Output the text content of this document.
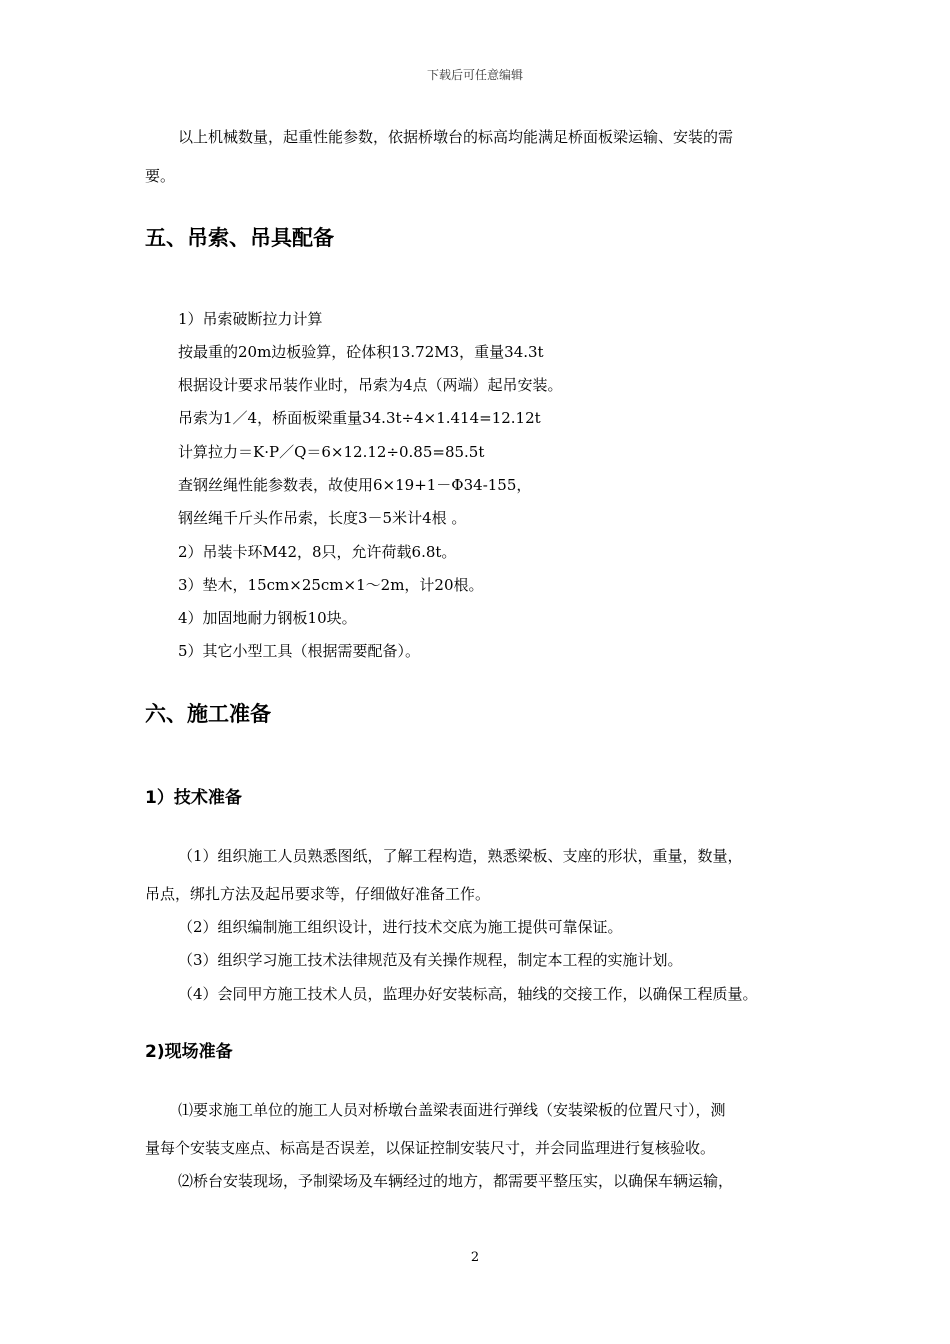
下载后可任意编辑

以上机械数量，起重性能参数，依据桥墩台的标高均能满足桥面板梁运输、安装的需

要。

五、吊索、吊具配备

1）吊索破断拉力计算

按最重的20m边板验算，砼体积13.72M3，重量34.3t

根据设计要求吊装作业时，吊索为4点（两端）起吊安装。

吊索为1／4，桥面板梁重量34.3t÷4×1.414=12.12t

计算拉力＝K·P／Q＝6×12.12÷0.85=85.5t

查钢丝绳性能参数表，故使用6×19+1－Φ34-155，

钢丝绳千斤头作吊索，长度3－5米计4根 。

2）吊装卡环M42，8只，允许荷载6.8t。

3）垫木，15cm×25cm×1～2m，计20根。

4）加固地耐力钢板10块。

5）其它小型工具（根据需要配备）。

六、施工准备
1）技术准备

（1）组织施工人员熟悉图纸，了解工程构造，熟悉梁板、支座的形状，重量，数量，

吊点，绑扎方法及起吊要求等，仔细做好准备工作。

（2）组织编制施工组织设计，进行技术交底为施工提供可靠保证。

（3）组织学习施工技术法律规范及有关操作规程，制定本工程的实施计划。

（4）会同甲方施工技术人员，监理办好安装标高，轴线的交接工作，以确保工程质量。

2)现场准备

⑴要求施工单位的施工人员对桥墩台盖梁表面进行弹线（安装梁板的位置尺寸），测

量每个安装支座点、标高是否误差，以保证控制安装尺寸，并会同监理进行复核验收。

⑵桥台安装现场，予制梁场及车辆经过的地方，都需要平整压实，以确保车辆运输，

2
